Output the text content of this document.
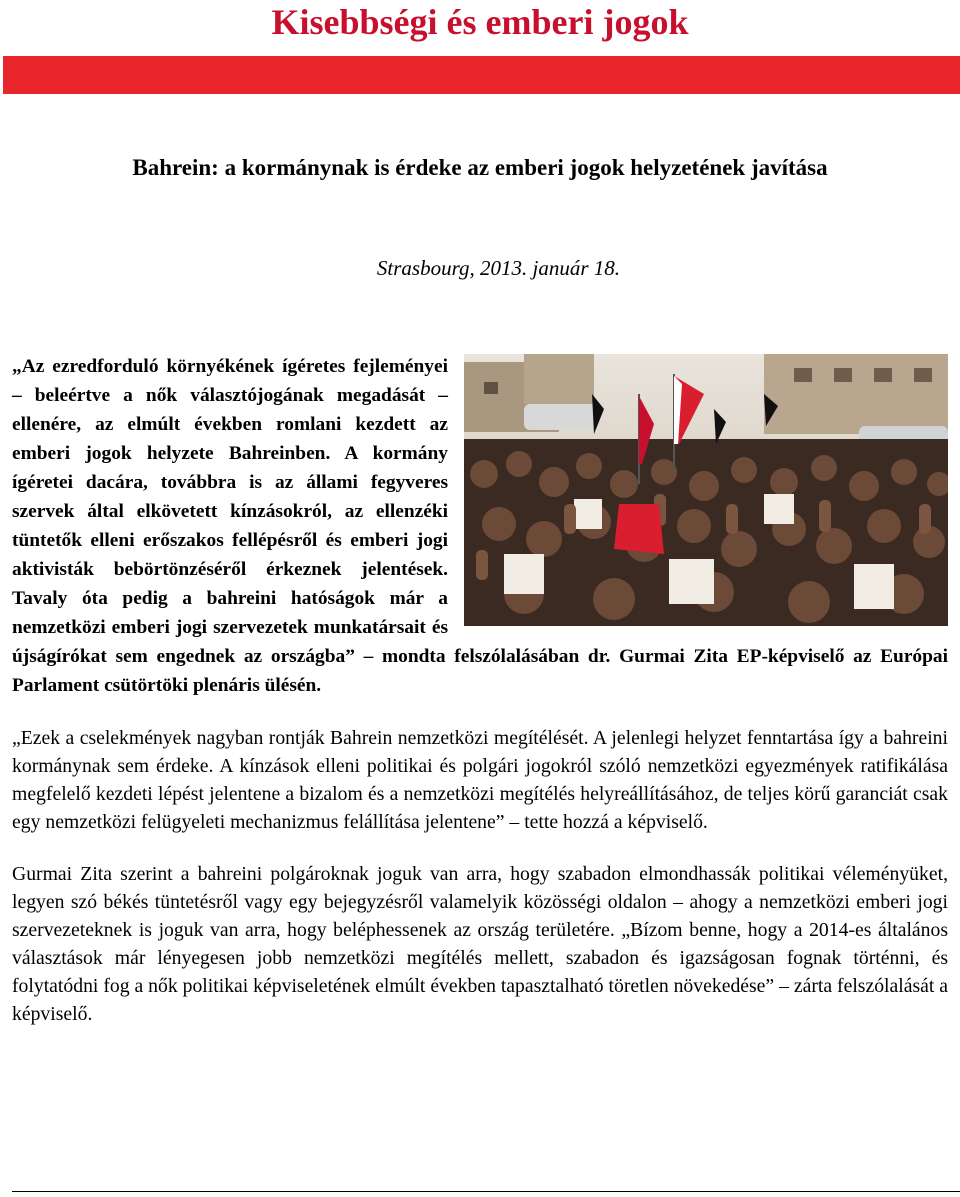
Kisebbségi és emberi jogok
Bahrein: a kormánynak is érdeke az emberi jogok helyzetének javítása
Strasbourg, 2013. január 18.

„Az ezredforduló környékének ígéretes fejleményei – beleértve a nők választójogának megadását – ellenére, az elmúlt években romlani kezdett az emberi jogok helyzete Bahreinben. A kormány ígéretei dacára, továbbra is az állami fegyveres szervek által elkövetett kínzásokról, az ellenzéki tüntetők elleni erőszakos fellépésről és emberi jogi aktivisták bebörtönzéséről érkeznek jelentések. Tavaly óta pedig a bahreini hatóságok már a nemzetközi emberi jogi szervezetek munkatársait és újságírókat sem engednek az országba” – mondta felszólalásában dr. Gurmai Zita EP-képviselő az Európai Parlament csütörtöki plenáris ülésén.

„Ezek a cselekmények nagyban rontják Bahrein nemzetközi megítélését. A jelenlegi helyzet fenntartása így a bahreini kormánynak sem érdeke. A kínzások elleni politikai és polgári jogokról szóló nemzetközi egyezmények ratifikálása megfelelő kezdeti lépést jelentene a bizalom és a nemzetközi megítélés helyreállításához, de teljes körű garanciát csak egy nemzetközi felügyeleti mechanizmus felállítása jelentene” – tette hozzá a képviselő.

Gurmai Zita szerint a bahreini polgároknak joguk van arra, hogy szabadon elmondhassák politikai véleményüket, legyen szó békés tüntetésről vagy egy bejegyzésről valamelyik közösségi oldalon – ahogy a nemzetközi emberi jogi szervezeteknek is joguk van arra, hogy beléphessenek az ország területére. „Bízom benne, hogy a 2014-es általános választások már lényegesen jobb nemzetközi megítélés mellett, szabadon és igazságosan fognak történni, és folytatódni fog a nők politikai képviseletének elmúlt években tapasztalható töretlen növekedése” – zárta felszólalását a képviselő.
